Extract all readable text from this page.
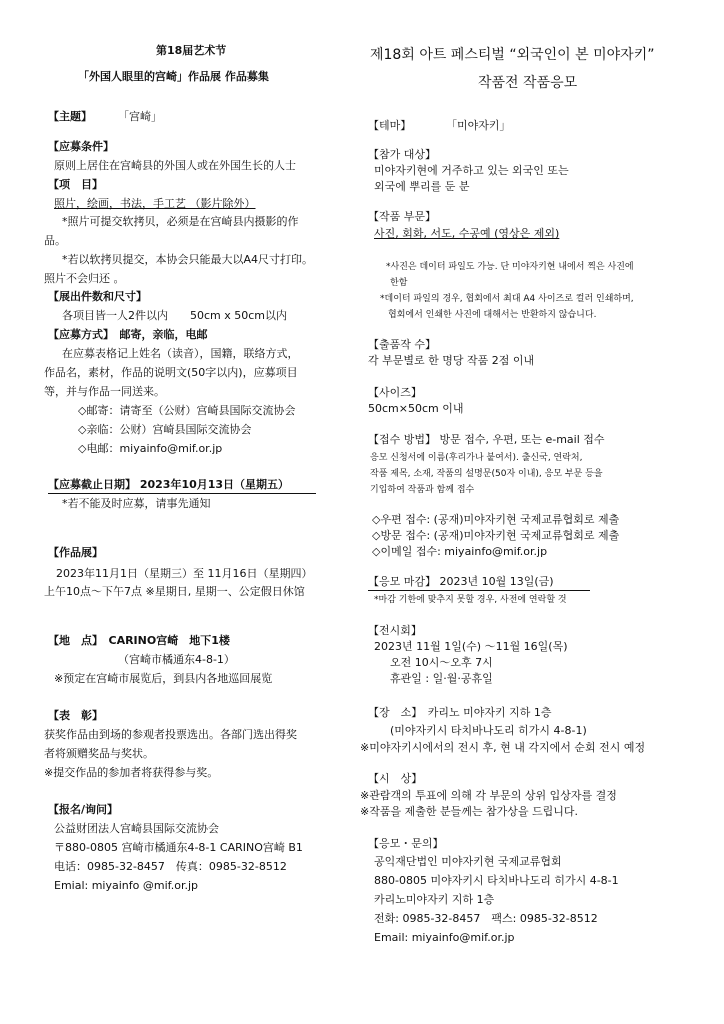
第18届艺术节
「外国人眼里的宫崎」作品展 作品募集
【主题】 「宫崎」
【应募条件】
原则上居住在宫崎县的外国人或在外国生长的人士
【项　目】
照片，绘画，书法，手工艺 （影片除外）
*照片可提交软拷贝，必须是在宫崎县内摄影的作
品。
*若以软拷贝提交，本协会只能最大以A4尺寸打印。
照片不会归还 。
【展出件数和尺寸】
各项目皆一人2件以内　　50cm x 50cm以内
【应募方式】　邮寄，亲临，电邮
在应募表格记上姓名（读音），国籍，联络方式，
作品名，素材，作品的说明文(50字以内)，应募项目
等，并与作品一同送来。
◇邮寄：请寄至（公财）宫崎县国际交流协会
◇亲临：公财）宫崎县国际交流协会
◇电邮：miyainfo@mif.or.jp
【应募截止日期】 2023年10月13日（星期五）
*若不能及时应募，请事先通知
【作品展】
2023年11月1日（星期三）至 11月16日（星期四）
上午10点〜下午7点 ※星期日, 星期一、公定假日休馆
【地　点】　CARINO宫崎　地下1楼
（宫崎市橘通东4-8-1）
※预定在宫崎市展览后，到县内各地巡回展览
【表　彰】
获奖作品由到场的参观者投票选出。各部门选出得奖
者将颁赠奖品与奖状。
※提交作品的参加者将获得参与奖。
【报名/询问】
公益财团法人宫崎县国际交流协会
〒880-0805 宫崎市橘通东4-8-1 CARINO宫崎 B1
电话：0985-32-8457　传真：0985-32-8512
Emial: miyainfo @mif.or.jp
제18회 아트 페스티벌 “외국인이 본 미야자키”
작품전 작품응모
【테마】	「미야자키」
【참가 대상】
미야자키현에 거주하고 있는 외국인 또는
외국에 뿌리를 둔 분
【작품 부문】
사진, 회화, 서도, 수공예 (영상은 제외)
*사진은 데이터 파일도 가능. 단 미야자키현 내에서 찍은 사진에
한함
*데이터 파일의 경우, 협회에서 최대 A4 사이즈로 컬러 인쇄하며,
협회에서 인쇄한 사진에 대해서는 반환하지 않습니다.
【출품작 수】
각 부문별로 한 명당 작품 2점 이내
【사이즈】
50cm×50cm 이내
【접수 방법】 방문 접수, 우편, 또는 e-mail 접수
응모 신청서에 이름(후리가나 붙여서). 출신국, 연락처,
작품 제목, 소재, 작품의 설명문(50자 이내), 응모 부문 등을
기입하여 작품과 함께 접수
◇우편 접수: (공재)미야자키현 국제교류협회로 제출
◇방문 접수: (공재)미야자키현 국제교류협회로 제출
◇이메일 접수: miyainfo@mif.or.jp
【응모 마감】 2023년 10월 13일(금)
*마감 기한에 맞추지 못할 경우, 사전에 연락할 것
【전시회】
2023년 11월 1일(수) 〜11월 16일(목)
오전 10시〜오후 7시
휴관일 : 일·월·공휴일
【장　소】　카리노 미야자키 지하 1층
(미야자키시 타치바나도리 히가시 4-8-1)
※미야자키시에서의 전시 후, 현 내 각지에서 순회 전시 예정
【시　상】
※관람객의 투표에 의해 각 부문의 상위 입상자를 결정
※작품을 제출한 분들께는 참가상을 드립니다.
【응모・문의】
공익재단법인 미야자키현 국제교류협회
880-0805 미야자키시 타치바나도리 히가시 4-8-1
카리노미야자키 지하 1층
전화: 0985-32-8457　팩스: 0985-32-8512
Email: miyainfo@mif.or.jp
